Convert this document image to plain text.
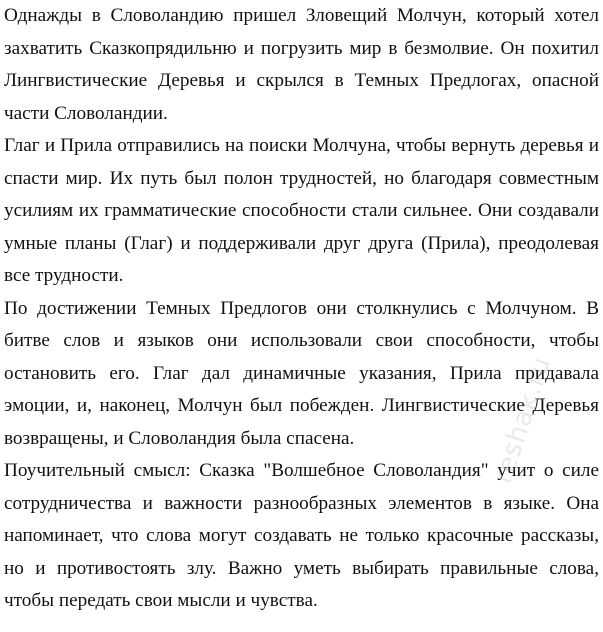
Однажды в Словоландию пришел Зловещий Молчун, который хотел захватить Сказкопрядильню и погрузить мир в безмолвие. Он похитил Лингвистические Деревья и скрылся в Темных Предлогах, опасной части Словоландии.

Глаг и Прила отправились на поиски Молчуна, чтобы вернуть деревья и спасти мир. Их путь был полон трудностей, но благодаря совместным усилиям их грамматические способности стали сильнее. Они создавали умные планы (Глаг) и поддерживали друг друга (Прила), преодолевая все трудности.

По достижении Темных Предлогов они столкнулись с Молчуном. В битве слов и языков они использовали свои способности, чтобы остановить его. Глаг дал динамичные указания, Прила придавала эмоции, и, наконец, Молчун был побежден. Лингвистические Деревья возвращены, и Словоландия была спасена.

Поучительный смысл: Сказка "Волшебное Словоландия" учит о силе сотрудничества и важности разнообразных элементов в языке. Она напоминает, что слова могут создавать не только красочные рассказы, но и противостоять злу. Важно уметь выбирать правильные слова, чтобы передать свои мысли и чувства.

reshak.ru
